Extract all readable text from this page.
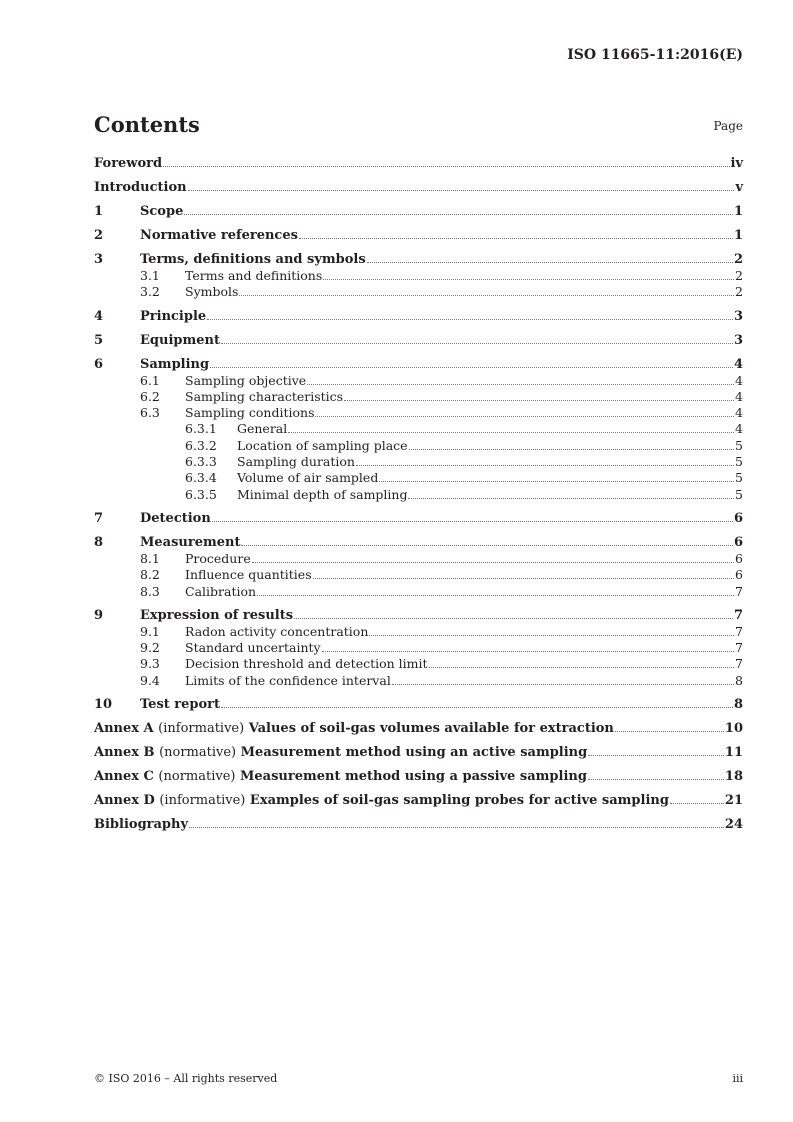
ISO 11665-11:2016(E)
Contents	Page
Foreword	iv
Introduction	v
1	Scope	1
2	Normative references	1
3	Terms, definitions and symbols	2
3.1	Terms and definitions	2
3.2	Symbols	2
4	Principle	3
5	Equipment	3
6	Sampling	4
6.1	Sampling objective	4
6.2	Sampling characteristics	4
6.3	Sampling conditions	4
6.3.1	General	4
6.3.2	Location of sampling place	5
6.3.3	Sampling duration	5
6.3.4	Volume of air sampled	5
6.3.5	Minimal depth of sampling	5
7	Detection	6
8	Measurement	6
8.1	Procedure	6
8.2	Influence quantities	6
8.3	Calibration	7
9	Expression of results	7
9.1	Radon activity concentration	7
9.2	Standard uncertainty	7
9.3	Decision threshold and detection limit	7
9.4	Limits of the confidence interval	8
10	Test report	8
Annex A (informative) Values of soil-gas volumes available for extraction	10
Annex B (normative) Measurement method using an active sampling	11
Annex C (normative) Measurement method using a passive sampling	18
Annex D (informative) Examples of soil-gas sampling probes for active sampling	21
Bibliography	24
© ISO 2016 – All rights reserved	iii
